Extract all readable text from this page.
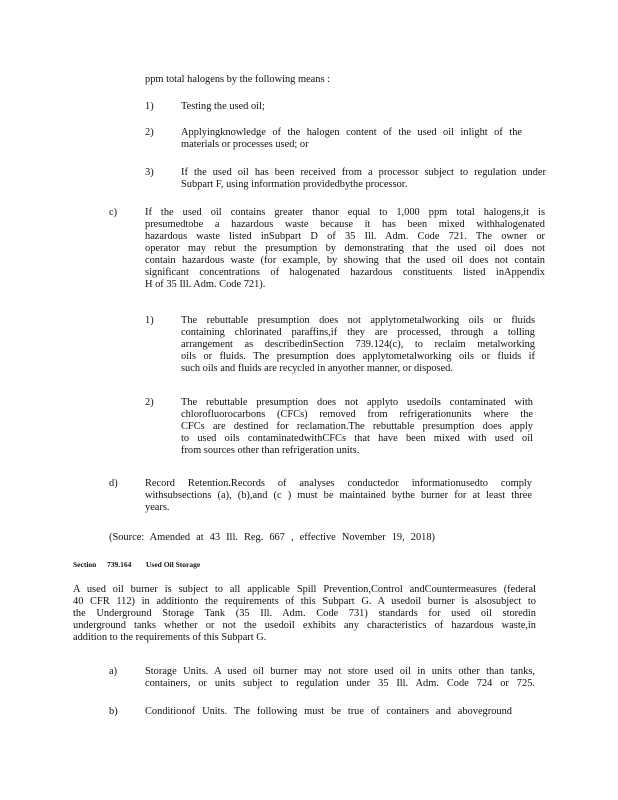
ppm total halogens by the following means :
1)	Testing the used oil;
2)	Applyingknowledge of the halogen content of the used oil inlight of the
materials or processes used; or
3)	If the used oil has been received from a processor subject to regulation under
Subpart F, using information providedbythe processor.
c)	If the used oil contains greater thanor equal to 1,000 ppm total halogens,it is
presumedtobe a hazardous waste because it has been mixed withhalogenated
hazardous waste listed inSubpart D of 35 Ill. Adm. Code 721. The owner or
operator may rebut the presumption by demonstrating that the used oil does not
contain hazardous waste (for example, by showing that the used oil does not contain
significant concentrations of halogenated hazardous constituents listed inAppendix
H of 35 Ill. Adm. Code 721).
1)	The rebuttable presumption does not applytometalworking oils or fluids
containing chlorinated paraffins,if they are processed, through a tolling
arrangement as describedinSection 739.124(c), to reclaim metalworking
oils or fluids. The presumption does applytometalworking oils or fluids if
such oils and fluids are recycled in anyother manner, or disposed.
2)	The rebuttable presumption does not applyto usedoils contaminated with
chlorofluorocarbons (CFCs) removed from refrigerationunits where the
CFCs are destined for reclamation.The rebuttable presumption does apply
to used oils contaminatedwithCFCs that have been mixed with used oil
from sources other than refrigeration units.
d)	Record Retention.Records of analyses conductedor informationusedto comply
withsubsections (a), (b),and (c ) must be maintained bythe burner for at least three
years.
(Source: Amended at 43 Ill. Reg. 667 , effective November 19, 2018)
Section 739.164 Used Oil Storage
A used oil burner is subject to all applicable Spill Prevention,Control andCountermeasures (federal
40 CFR 112) in additionto the requirements of this Subpart G. A usedoil burner is alsosubject to
the Underground Storage Tank (35 Ill. Adm. Code 731) standards for used oil storedin
underground tanks whether or not the usedoil exhibits any characteristics of hazardous waste,in
addition to the requirements of this Subpart G.
a)	Storage Units. A used oil burner may not store used oil in units other than tanks,
containers, or units subject to regulation under 35 Ill. Adm. Code 724 or 725.
b)	Conditionof Units. The following must be true of containers and aboveground
